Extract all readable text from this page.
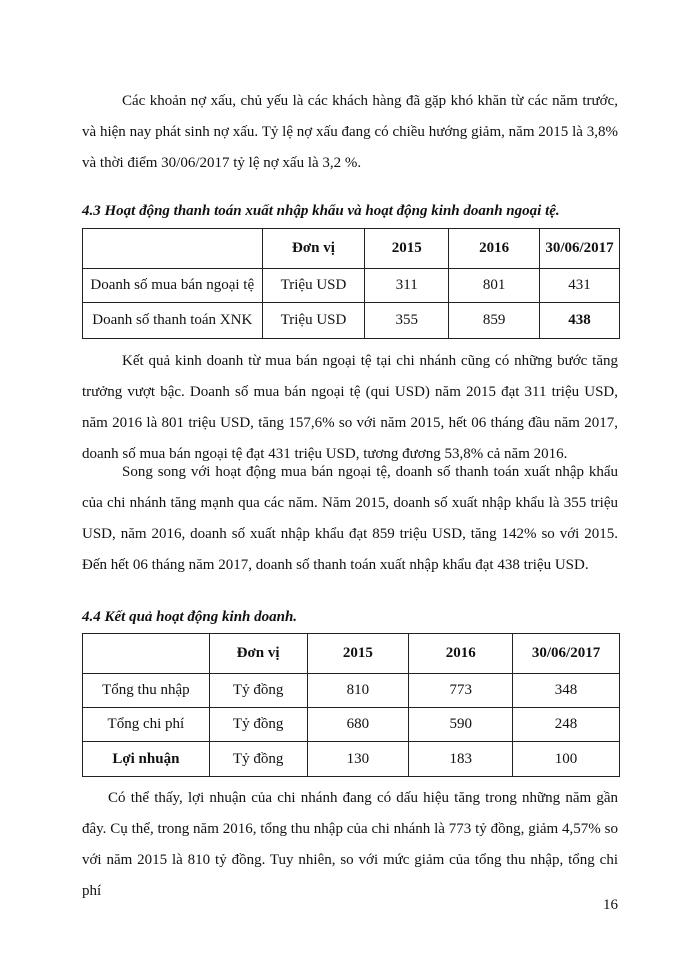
Các khoản nợ xấu, chủ yếu là các khách hàng đã gặp khó khăn từ các năm trước, và hiện nay phát sinh nợ xấu. Tỷ lệ nợ xấu đang có chiều hướng giảm, năm 2015 là 3,8% và thời điểm 30/06/2017 tỷ lệ nợ xấu là 3,2 %.

4.3 Hoạt động thanh toán xuất nhập khẩu và hoạt động kinh doanh ngoại tệ.

	Đơn vị	2015	2016	30/06/2017
Doanh số mua bán ngoại tệ	Triệu USD	311	801	431
Doanh số thanh toán XNK	Triệu USD	355	859	438

Kết quả kinh doanh từ mua bán ngoại tệ tại chi nhánh cũng có những bước tăng trưởng vượt bậc. Doanh số mua bán ngoại tệ (qui USD) năm 2015 đạt 311 triệu USD, năm 2016 là 801 triệu USD, tăng 157,6% so với năm 2015, hết 06 tháng đầu năm 2017, doanh số mua bán ngoại tệ đạt 431 triệu USD, tương đương 53,8% cả năm 2016.

Song song với hoạt động mua bán ngoại tệ, doanh số thanh toán xuất nhập khẩu của chi nhánh tăng mạnh qua các năm. Năm 2015, doanh số xuất nhập khẩu là 355 triệu USD, năm 2016, doanh số xuất nhập khẩu đạt 859 triệu USD, tăng 142% so với 2015. Đến hết 06 tháng năm 2017, doanh số thanh toán xuất nhập khẩu đạt 438 triệu USD.

4.4 Kết quả hoạt động kinh doanh.

	Đơn vị	2015	2016	30/06/2017
Tổng thu nhập	Tỷ đồng	810	773	348
Tổng chi phí	Tỷ đồng	680	590	248
Lợi nhuận	Tỷ đồng	130	183	100

Có thể thấy, lợi nhuận của chi nhánh đang có dấu hiệu tăng trong những năm gần đây. Cụ thể, trong năm 2016, tổng thu nhập của chi nhánh là 773 tỷ đồng, giảm 4,57% so với năm 2015 là 810 tỷ đồng. Tuy nhiên, so với mức giảm của tổng thu nhập, tổng chi phí

16
